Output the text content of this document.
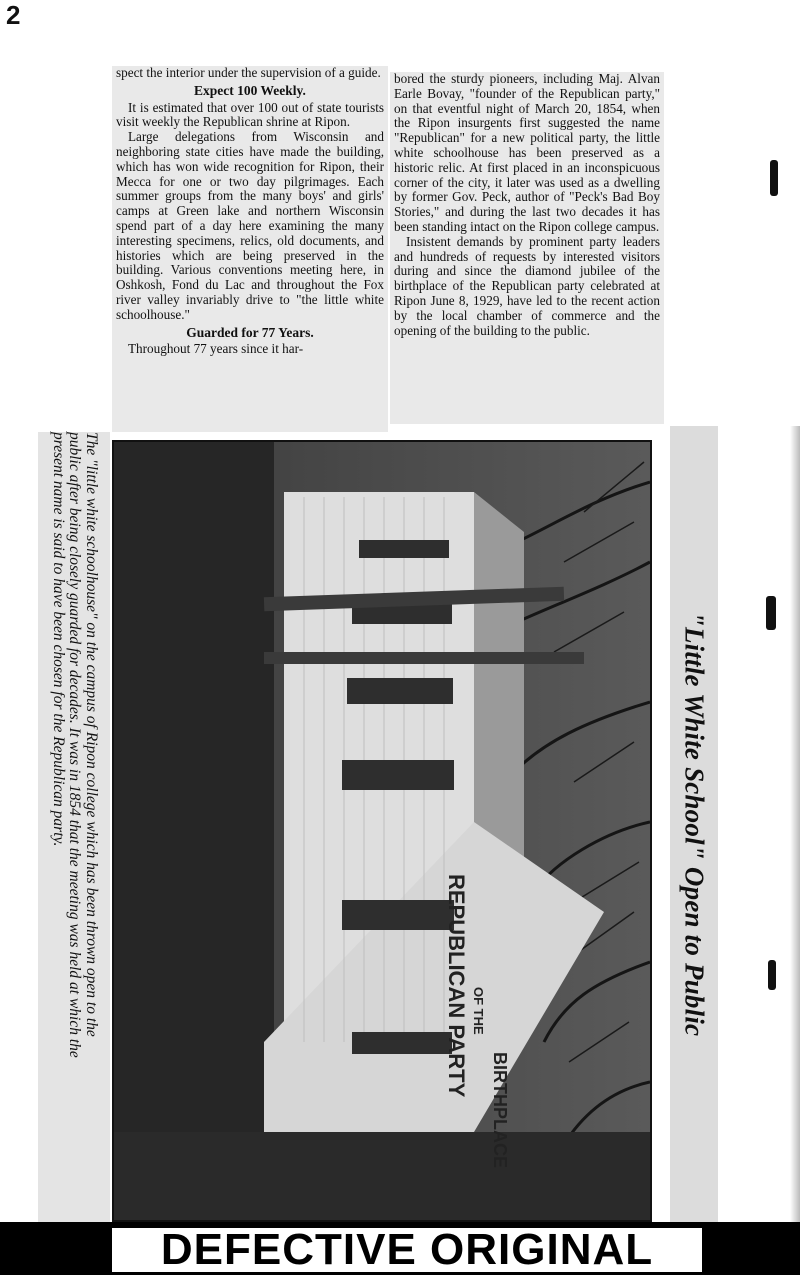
2

spect the interior under the supervision of a guide.

Expect 100 Weekly.

It is estimated that over 100 out of state tourists visit weekly the Republican shrine at Ripon.

Large delegations from Wisconsin and neighboring state cities have made the building, which has won wide recognition for Ripon, their Mecca for one or two day pilgrimages. Each summer groups from the many boys' and girls' camps at Green lake and northern Wisconsin spend part of a day here examining the many interesting specimens, relics, old documents, and histories which are being preserved in the building. Various conventions meeting here, in Oshkosh, Fond du Lac and throughout the Fox river valley invariably drive to "the little white schoolhouse."

Guarded for 77 Years.

Throughout 77 years since it har-

bored the sturdy pioneers, including Maj. Alvan Earle Bovay, "founder of the Republican party," on that eventful night of March 20, 1854, when the Ripon insurgents first suggested the name "Republican" for a new political party, the little white schoolhouse has been preserved as a historic relic. At first placed in an inconspicuous corner of the city, it later was used as a dwelling by former Gov. Peck, author of "Peck's Bad Boy Stories," and during the last two decades it has been standing intact on the Ripon college campus.

Insistent demands by prominent party leaders and hundreds of requests by interested visitors during and since the diamond jubilee of the birthplace of the Republican party celebrated at Ripon June 8, 1929, have led to the recent action by the local chamber of commerce and the opening of the building to the public.

The "little white schoolhouse" on the campus of Ripon college which has been thrown open to the
public after being closely guarded for decades. It was in 1854 that the meeting was held at which the
present name is said to have been chosen for the Republican party.
BIRTHPLACE
OF THE
REPUBLICAN PARTY	"Little White School" Open to Public
DEFECTIVE ORIGINAL
